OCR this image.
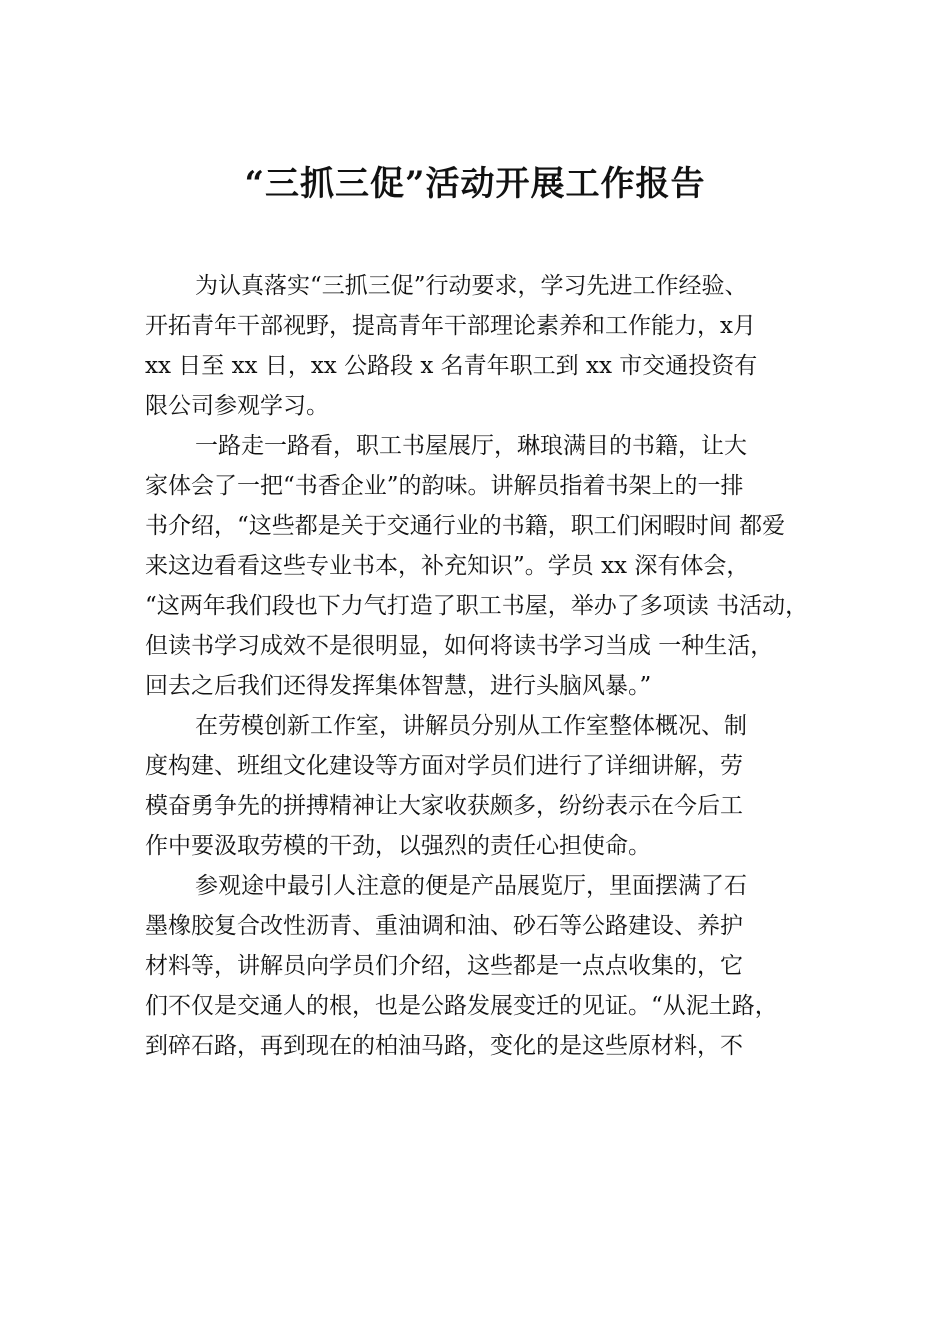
“三抓三促”活动开展工作报告
为认真落实“三抓三促”行动要求，学习先进工作经验、
开拓青年干部视野，提高青年干部理论素养和工作能力，x月
xx 日至 xx 日，xx 公路段 x 名青年职工到 xx 市交通投资有
限公司参观学习。
一路走一路看，职工书屋展厅，琳琅满目的书籍，让大
家体会了一把“书香企业”的韵味。讲解员指着书架上的一排
书介绍，“这些都是关于交通行业的书籍，职工们闲暇时间 都爱
来这边看看这些专业书本，补充知识”。学员 xx 深有体会，
“这两年我们段也下力气打造了职工书屋，举办了多项读 书活动，
但读书学习成效不是很明显，如何将读书学习当成 一种生活，
回去之后我们还得发挥集体智慧，进行头脑风暴。”
在劳模创新工作室，讲解员分别从工作室整体概况、制
度构建、班组文化建设等方面对学员们进行了详细讲解，劳
模奋勇争先的拼搏精神让大家收获颇多，纷纷表示在今后工
作中要汲取劳模的干劲，以强烈的责任心担使命。
参观途中最引人注意的便是产品展览厅，里面摆满了石
墨橡胶复合改性沥青、重油调和油、砂石等公路建设、养护
材料等，讲解员向学员们介绍，这些都是一点点收集的，它
们不仅是交通人的根，也是公路发展变迁的见证。“从泥土路，
到碎石路，再到现在的柏油马路，变化的是这些原材料，不
